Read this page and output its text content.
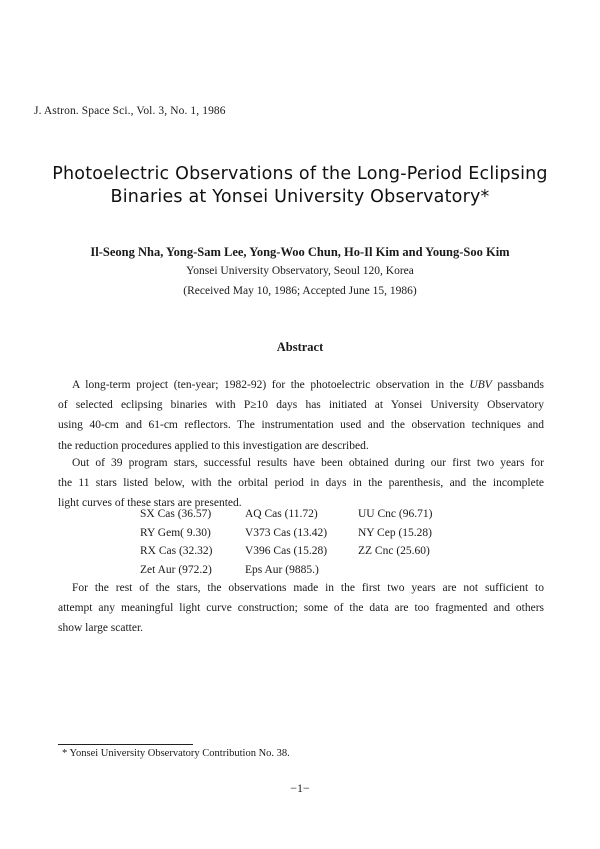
J. Astron. Space Sci., Vol. 3, No. 1, 1986
Photoelectric Observations of the Long-Period Eclipsing
Binaries at Yonsei University Observatory*
Il-Seong Nha, Yong-Sam Lee, Yong-Woo Chun, Ho-Il Kim and Young-Soo Kim
Yonsei University Observatory, Seoul 120, Korea
(Received May 10, 1986; Accepted June 15, 1986)
Abstract
A long-term project (ten-year; 1982-92) for the photoelectric observation in the UBV passbands
of selected eclipsing binaries with P≥10 days has initiated at Yonsei University Observatory
using 40-cm and 61-cm reflectors. The instrumentation used and the observation techniques and
the reduction procedures applied to this investigation are described.
Out of 39 program stars, successful results have been obtained during our first two years for
the 11 stars listed below, with the orbital period in days in the parenthesis, and the incomplete
light curves of these stars are presented.
SX Cas (36.57)	AQ Cas (11.72)	UU Cnc (96.71)
RY Gem( 9.30)	V373 Cas (13.42)	NY Cep (15.28)
RX Cas (32.32)	V396 Cas (15.28)	ZZ Cnc (25.60)
Zet Aur (972.2)	Eps Aur (9885.)
For the rest of the stars, the observations made in the first two years are not sufficient to
attempt any meaningful light curve construction; some of the data are too fragmented and others
show large scatter.
* Yonsei University Observatory Contribution No. 38.
−1−
